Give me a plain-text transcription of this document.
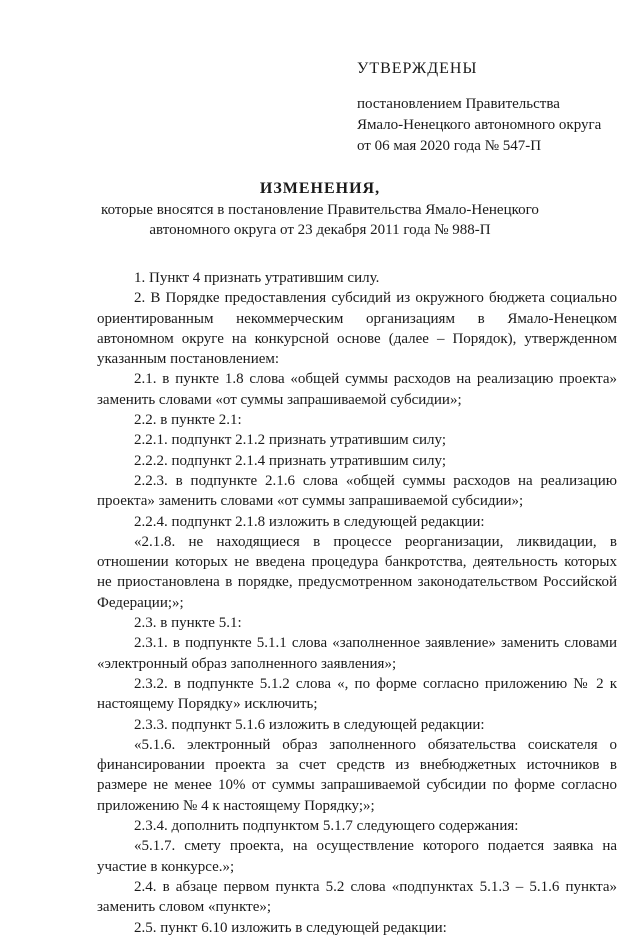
УТВЕРЖДЕНЫ
постановлением Правительства
Ямало-Ненецкого автономного округа
от 06 мая 2020 года № 547-П
ИЗМЕНЕНИЯ,
которые вносятся в постановление Правительства Ямало-Ненецкого
автономного округа от 23 декабря 2011 года № 988-П
1. Пункт 4 признать утратившим силу.
2. В Порядке предоставления субсидий из окружного бюджета социально
ориентированным некоммерческим организациям в Ямало-Ненецком
автономном округе на конкурсной основе (далее – Порядок), утвержденном
указанным постановлением:
2.1. в пункте 1.8 слова «общей суммы расходов на реализацию проекта»
заменить словами «от суммы запрашиваемой субсидии»;
2.2. в пункте 2.1:
2.2.1. подпункт 2.1.2 признать утратившим силу;
2.2.2. подпункт 2.1.4 признать утратившим силу;
2.2.3. в подпункте 2.1.6 слова «общей суммы расходов на реализацию
проекта» заменить словами «от суммы запрашиваемой субсидии»;
2.2.4. подпункт 2.1.8 изложить в следующей редакции:
«2.1.8. не находящиеся в процессе реорганизации, ликвидации, в
отношении которых не введена процедура банкротства, деятельность которых
не приостановлена в порядке, предусмотренном законодательством Российской
Федерации;»;
2.3. в пункте 5.1:
2.3.1. в подпункте 5.1.1 слова «заполненное заявление» заменить словами
«электронный образ заполненного заявления»;
2.3.2. в подпункте 5.1.2 слова «, по форме согласно приложению № 2 к
настоящему Порядку» исключить;
2.3.3. подпункт 5.1.6 изложить в следующей редакции:
«5.1.6. электронный образ заполненного обязательства соискателя о
финансировании проекта за счет средств из внебюджетных источников в
размере не менее 10% от суммы запрашиваемой субсидии по форме согласно
приложению № 4 к настоящему Порядку;»;
2.3.4. дополнить подпунктом 5.1.7 следующего содержания:
«5.1.7. смету проекта, на осуществление которого подается заявка на
участие в конкурсе.»;
2.4. в абзаце первом пункта 5.2 слова «подпунктах 5.1.3 – 5.1.6 пункта»
заменить словом «пункте»;
2.5. пункт 6.10 изложить в следующей редакции:
